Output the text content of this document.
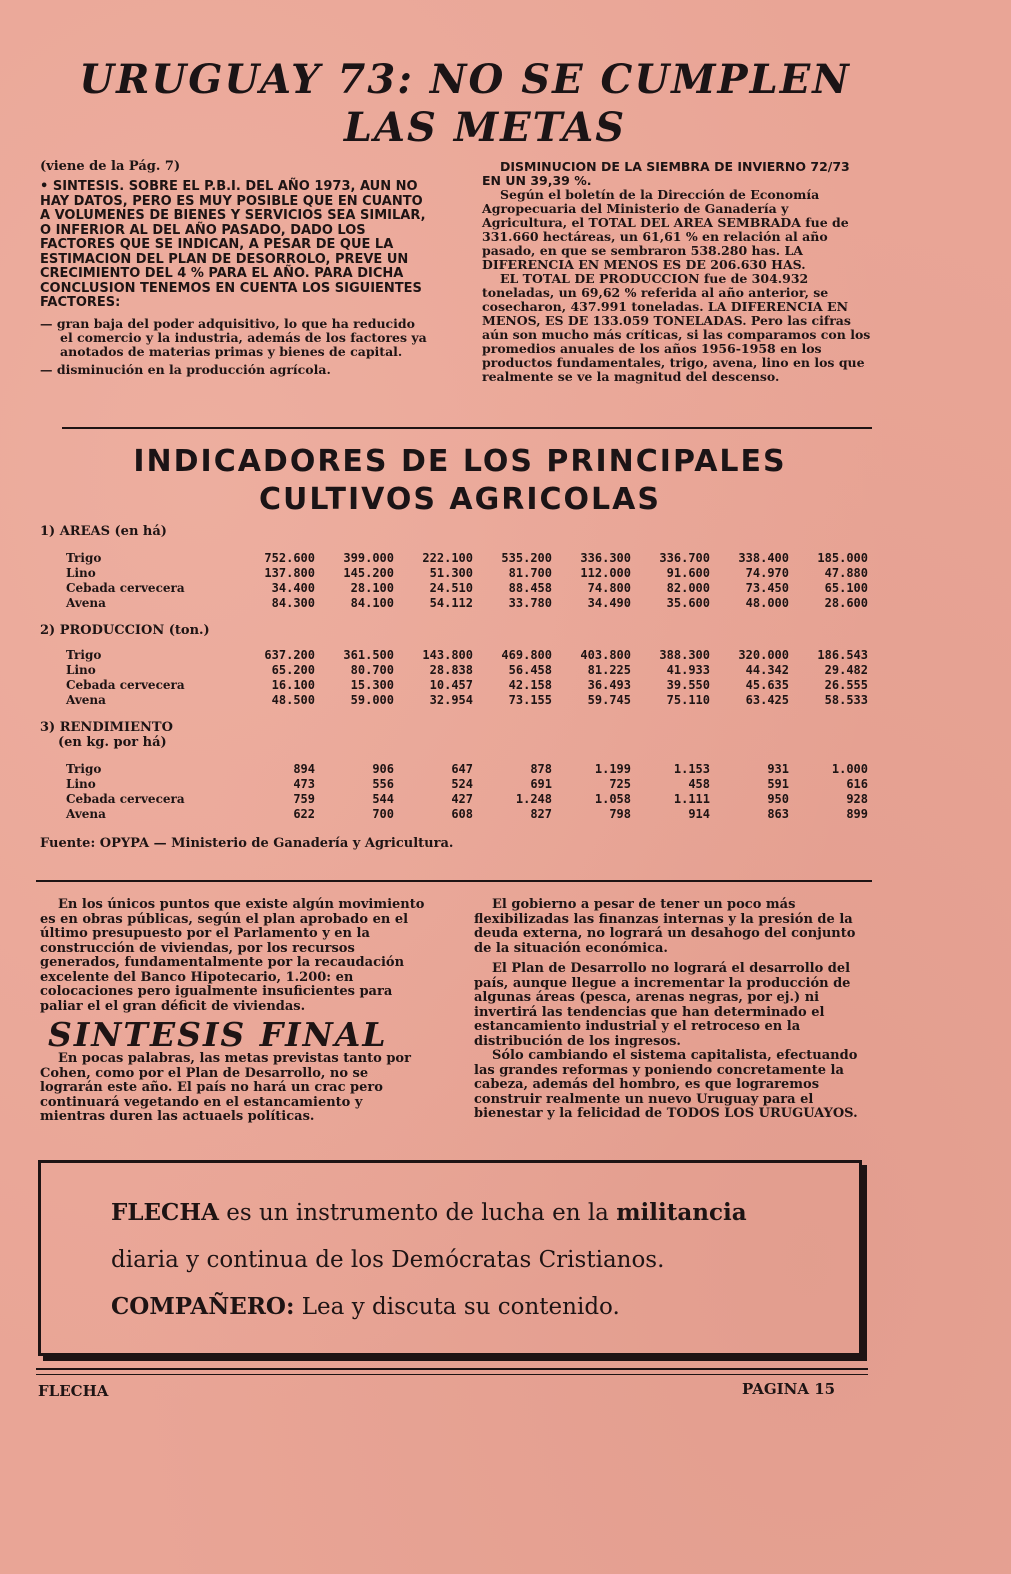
URUGUAY 73: NO SE CUMPLEN
LAS METAS

(viene de la Pág. 7)

• SINTESIS. SOBRE EL P.B.I. DEL AÑO 1973, AUN NO HAY DATOS, PERO ES MUY POSIBLE QUE EN CUANTO A VOLUMENES DE BIENES Y SERVICIOS SEA SIMILAR, O INFERIOR AL DEL AÑO PASADO, DADO LOS FACTORES QUE SE INDICAN, A PESAR DE QUE LA ESTIMACION DEL PLAN DE DESORROLO, PREVE UN CRECIMIENTO DEL 4 % PARA EL AÑO. PARA DICHA CONCLUSION TENEMOS EN CUENTA LOS SIGUIENTES FACTORES:

— gran baja del poder adquisitivo, lo que ha reducido el comercio y la industria, además de los factores ya anotados de materias primas y bienes de capital.

— disminución en la producción agrícola.

DISMINUCION DE LA SIEMBRA DE INVIERNO 72/73 EN UN 39,39 %.

Según el boletín de la Dirección de Economía Agropecuaria del Ministerio de Ganadería y Agricultura, el TOTAL DEL AREA SEMBRADA fue de 331.660 hectáreas, un 61,61 % en relación al año pasado, en que se sembraron 538.280 has. LA DIFERENCIA EN MENOS ES DE 206.630 HAS.

EL TOTAL DE PRODUCCION fue de 304.932 toneladas, un 69,62 % referida al año anterior, se cosecharon, 437.991 toneladas. LA DIFERENCIA EN MENOS, ES DE 133.059 TONELADAS. Pero las cifras aún son mucho más críticas, si las comparamos con los promedios anuales de los años 1956-1958 en los productos fundamentales, trigo, avena, lino en los que realmente se ve la magnitud del descenso.

INDICADORES DE LOS PRINCIPALES
CULTIVOS AGRICOLAS
1) AREAS (en há)
Trigo	752.600	399.000	222.100	535.200	336.300	336.700	338.400	185.000
Lino	137.800	145.200	51.300	81.700	112.000	91.600	74.970	47.880
Cebada cervecera	34.400	28.100	24.510	88.458	74.800	82.000	73.450	65.100
Avena	84.300	84.100	54.112	33.780	34.490	35.600	48.000	28.600
2) PRODUCCION (ton.)
Trigo	637.200	361.500	143.800	469.800	403.800	388.300	320.000	186.543
Lino	65.200	80.700	28.838	56.458	81.225	41.933	44.342	29.482
Cebada cervecera	16.100	15.300	10.457	42.158	36.493	39.550	45.635	26.555
Avena	48.500	59.000	32.954	73.155	59.745	75.110	63.425	58.533
3) RENDIMIENTO
(en kg. por há)
Trigo	894	906	647	878	1.199	1.153	931	1.000
Lino	473	556	524	691	725	458	591	616
Cebada cervecera	759	544	427	1.248	1.058	1.111	950	928
Avena	622	700	608	827	798	914	863	899
Fuente: OPYPA — Ministerio de Ganadería y Agricultura.

En los únicos puntos que existe algún movimiento es en obras públicas, según el plan aprobado en el último presupuesto por el Parlamento y en la construcción de viviendas, por los recursos generados, fundamentalmente por la recaudación excelente del Banco Hipotecario, 1.200: en colocaciones pero igualmente insuficientes para paliar el el gran déficit de viviendas.

SINTESIS FINAL

En pocas palabras, las metas previstas tanto por Cohen, como por el Plan de Desarrollo, no se lograrán este año. El país no hará un crac pero continuará vegetando en el estancamiento y mientras duren las actuaels políticas.

El gobierno a pesar de tener un poco más flexibilizadas las finanzas internas y la presión de la deuda externa, no logrará un desahogo del conjunto de la situación económica.

El Plan de Desarrollo no logrará el desarrollo del país, aunque llegue a incrementar la producción de algunas áreas (pesca, arenas negras, por ej.) ni invertirá las tendencias que han determinado el estancamiento industrial y el retroceso en la distribución de los ingresos.

Sólo cambiando el sistema capitalista, efectuando las grandes reformas y poniendo concretamente la cabeza, además del hombro, es que lograremos construir realmente un nuevo Uruguay para el bienestar y la felicidad de TODOS LOS URUGUAYOS.

FLECHA es un instrumento de lucha en la militancia

diaria y continua de los Demócratas Cristianos.

COMPAÑERO: Lea y discuta su contenido.

FLECHA	PAGINA 15
